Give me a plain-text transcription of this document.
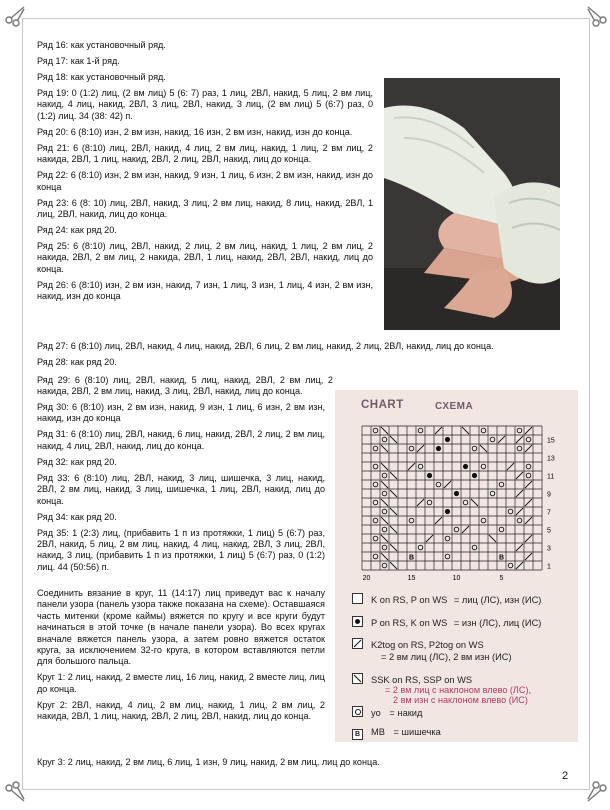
Ряд 16: как установочный ряд.

Ряд 17: как 1-й ряд.

Ряд 18: как установочный ряд.

Ряд 19: 0 (1:2) лиц, (2 вм лиц) 5 (6: 7) раз, 1 лиц, 2ВЛ, накид, 5 лиц, 2 вм лиц, накид, 4 лиц, накид, 2ВЛ, 3 лиц, 2ВЛ, накид, 3 лиц, (2 вм лиц) 5 (6:7) раз, 0 (1:2) лиц. 34 (38: 42) п.

Ряд 20: 6 (8:10) изн, 2 вм изн, накид, 16 изн, 2 вм изн, накид, изн до конца.

Ряд 21: 6 (8:10) лиц, 2ВЛ, накид, 4 лиц, 2 вм лиц, накид, 1 лиц, 2 вм лиц, 2 накида, 2ВЛ, 1 лиц, накид, 2ВЛ, 2 лиц, 2ВЛ, накид, лиц до конца.

Ряд 22: 6 (8:10) изн, 2 вм изн, накид, 9 изн, 1 лиц, 6 изн, 2 вм изн, накид, изн до конца

Ряд 23: 6 (8: 10) лиц, 2ВЛ, накид, 3 лиц, 2 вм лиц, накид, 8 лиц, накид, 2ВЛ, 1 лиц, 2ВЛ, накид, лиц до конца.

Ряд 24: как ряд 20.

Ряд 25: 6 (8:10) лиц, 2ВЛ, накид, 2 лиц, 2 вм лиц, накид, 1 лиц, 2 вм лиц, 2 накида, 2ВЛ, 2 вм лиц, 2 накида, 2ВЛ, 1 лиц, накид, 2ВЛ, 2ВЛ, накид, лиц до конца.

Ряд 26: 6 (8:10) изн, 2 вм изн, накид, 7 изн, 1 лиц, 3 изн, 1 лиц, 4 изн, 2 вм изн, накид, изн до конца

Ряд 27: 6 (8:10) лиц, 2ВЛ, накид, 4 лиц, накид, 2ВЛ, 6 лиц, 2 вм лиц, накид, 2 лиц, 2ВЛ, накид, лиц до конца.

Ряд 28: как ряд 20.

Ряд 29: 6 (8:10) лиц, 2ВЛ, накид, 5 лиц, накид, 2ВЛ, 2 вм лиц, 2 накида, 2ВЛ, 2 вм лиц, накид, 3 лиц, 2ВЛ, накид, лиц до конца.

Ряд 30: 6 (8:10) изн, 2 вм изн, накид, 9 изн, 1 лиц, 6 изн, 2 вм изн, накид, изн до конца

Ряд 31: 6 (8:10) лиц, 2ВЛ, накид, 6 лиц, накид, 2ВЛ, 2 лиц, 2 вм лиц, накид, 4 лиц, 2ВЛ, накид, лиц до конца.

Ряд 32: как ряд 20.

Ряд 33: 6 (8:10) лиц, 2ВЛ, накид, 3 лиц, шишечка, 3 лиц, накид, 2ВЛ, 2 вм лиц, накид, 3 лиц, шишечка, 1 лиц, 2ВЛ, накид, лиц до конца.

Ряд 34: как ряд 20.

Ряд 35: 1 (2:3) лиц, (прибавить 1 п из протяжки, 1 лиц) 5 (6:7) раз, 2ВЛ, накид, 5 лиц, 2 вм лиц, накид, 4 лиц, накид, 2ВЛ, 3 лиц, 2ВЛ, накид, 3 лиц, (прибавить 1 п из протяжки, 1 лиц) 5 (6:7) раз, 0 (1:2) лиц. 44 (50:56) п.

Соединить вязание в круг, 11 (14:17) лиц приведут вас к началу панели узора (панель узора также показана на схеме). Оставшаяся часть митенки (кроме каймы) вяжется по кругу и все круги будут начинаться в этой точке (в начале панели узора). Во всех кругах вначале вяжется панель узора, а затем ровно вяжется остаток круга, за исключением 32-го круга, в котором вставляются петли для большого пальца.

Круг 1: 2 лиц, накид, 2 вместе лиц, 16 лиц, накид, 2 вместе лиц, лиц до конца.

Круг 2: 2ВЛ, накид, 4 лиц, 2 вм лиц, накид, 1 лиц, 2 вм лиц, 2 накида, 2ВЛ, 1 лиц, накид, 2ВЛ, 2 лиц, 2ВЛ, накид, лиц до конца.

Круг 3: 2 лиц, накид, 2 вм лиц, 6 лиц, 1 изн, 9 лиц, накид, 2 вм лиц, лиц до конца.

CHART	СХЕМА
B	B
15
13
11
9
7
5
3
1
20	15	10	5
K on RS, P on WS = лиц (ЛС), изн (ИС)
P on RS, K on WS = изн (ЛС), лиц (ИС)
K2tog on RS, P2tog on WS
= 2 вм лиц (ЛС), 2 вм изн (ИС)
SSK on RS, SSP on WS
= 2 вм лиц с наклоном влево (ЛС),
2 вм изн с наклоном влево (ИС)
yo = накид
B MB = шишечка
2
